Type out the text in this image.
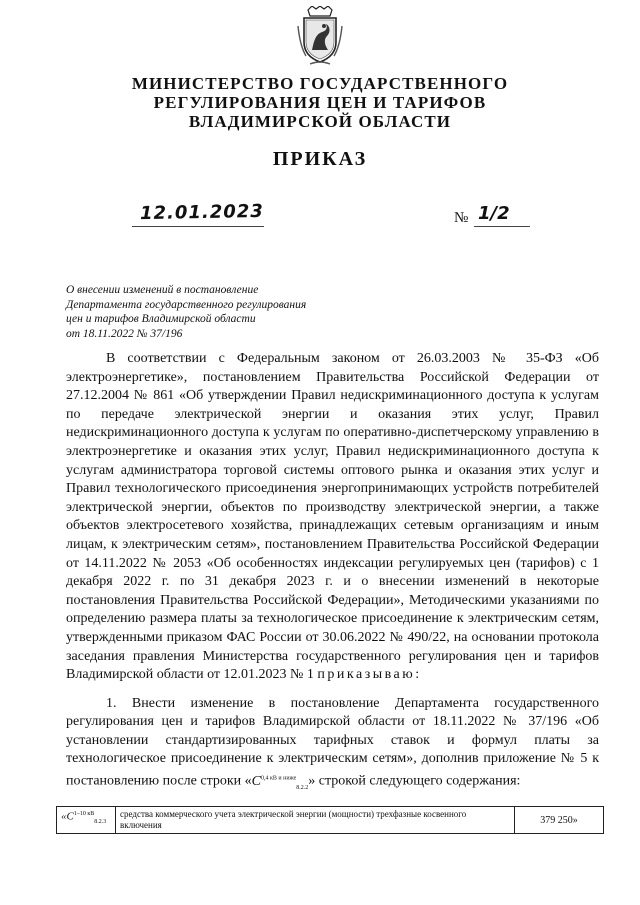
МИНИСТЕРСТВО ГОСУДАРСТВЕННОГО
РЕГУЛИРОВАНИЯ ЦЕН И ТАРИФОВ
ВЛАДИМИРСКОЙ ОБЛАСТИ
ПРИКАЗ
12.01.2023	№ 1/2
О внесении изменений в постановление
Департамента государственного регулирования
цен и тарифов Владимирской области
от 18.11.2022 № 37/196

В соответствии с Федеральным законом от 26.03.2003 № 35-ФЗ «Об электроэнергетике», постановлением Правительства Российской Федерации от 27.12.2004 № 861 «Об утверждении Правил недискриминационного доступа к услугам по передаче электрической энергии и оказания этих услуг, Правил недискриминационного доступа к услугам по оперативно-диспетчерскому управлению в электроэнергетике и оказания этих услуг, Правил недискриминационного доступа к услугам администратора торговой системы оптового рынка и оказания этих услуг и Правил технологического присоединения энергопринимающих устройств потребителей электрической энергии, объектов по производству электрической энергии, а также объектов электросетевого хозяйства, принадлежащих сетевым организациям и иным лицам, к электрическим сетям», постановлением Правительства Российской Федерации от 14.11.2022 № 2053 «Об особенностях индексации регулируемых цен (тарифов) с 1 декабря 2022 г. по 31 декабря 2023 г. и о внесении изменений в некоторые постановления Правительства Российской Федерации», Методическими указаниями по определению размера платы за технологическое присоединение к электрическим сетям, утвержденными приказом ФАС России от 30.06.2022 № 490/22, на основании протокола заседания правления Министерства государственного регулирования цен и тарифов Владимирской области от 12.01.2023 № 1 приказываю:

1. Внести изменение в постановление Департамента государственного регулирования цен и тарифов Владимирской области от 18.11.2022 № 37/196 «Об установлении стандартизированных тарифных ставок и формул платы за технологическое присоединение к электрическим сетям», дополнив приложение № 5 к постановлению после строки «$C^{0,4 кВ и ниже}_{8.2.2}$» строкой следующего содержания:

«$C^{1-10 кВ}_{8.2.3}$	средства коммерческого учета электрической энергии (мощности) трехфазные косвенного включения	379 250»
